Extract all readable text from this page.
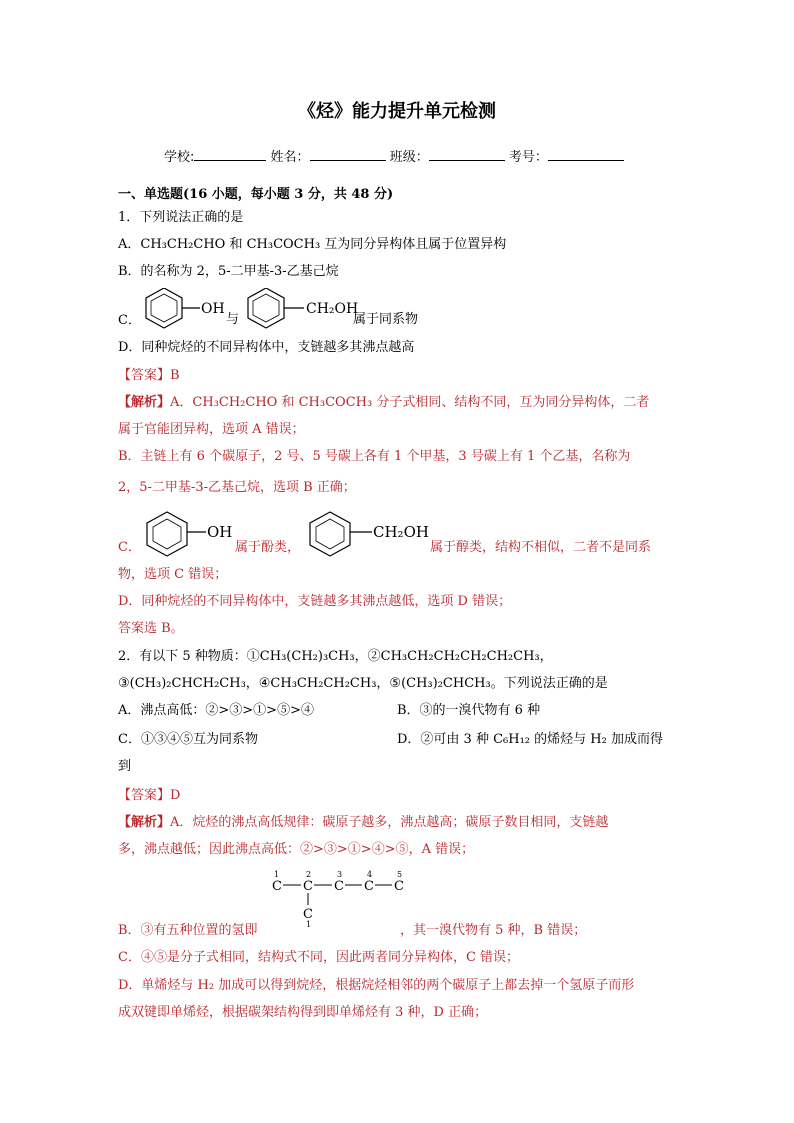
《烃》能力提升单元检测
学校:	姓名：	班级：	考号：
一、单选题(16 小题，每小题 3 分，共 48 分)
1．下列说法正确的是
A．CH₃CH₂CHO 和 CH₃COCH₃ 互为同分异构体且属于位置异构
B．的名称为 2，5-二甲基-3-乙基己烷
C．
OH
与
CH₂OH
属于同系物
D．同种烷烃的不同异构体中，支链越多其沸点越高
【答案】B
【解析】A．CH₃CH₂CHO 和 CH₃COCH₃ 分子式相同、结构不同，互为同分异构体，二者
属于官能团异构，选项 A 错误；
B．主链上有 6 个碳原子，2 号、5 号碳上各有 1 个甲基，3 号碳上有 1 个乙基，名称为
2，5-二甲基-3-乙基己烷，选项 B 正确；
C．
OH
属于酚类，
CH₂OH
属于醇类，结构不相似，二者不是同系
物，选项 C 错误；
D．同种烷烃的不同异构体中，支链越多其沸点越低，选项 D 错误；
答案选 B。
2．有以下 5 种物质：①CH₃(CH₂)₃CH₃，②CH₃CH₂CH₂CH₂CH₂CH₃，
③(CH₃)₂CHCH₂CH₃，④CH₃CH₂CH₂CH₃，⑤(CH₃)₂CHCH₃。下列说法正确的是
A．沸点高低：②>③>①>⑤>④	B．③的一溴代物有 6 种
C．①③④⑤互为同系物	D．②可由 3 种 C₆H₁₂ 的烯烃与 H₂ 加成而得
到
【答案】D
【解析】A．烷烃的沸点高低规律：碳原子越多，沸点越高；碳原子数目相同，支链越
多，沸点越低；因此沸点高低：②>③>①>④>⑤，A 错误；
1	2	3	4	5
C C C C C
C
1
B．③有五种位置的氢即	，其一溴代物有 5 种，B 错误；
C．④⑤是分子式相同，结构式不同，因此两者同分异构体，C 错误；
D．单烯烃与 H₂ 加成可以得到烷烃，根据烷烃相邻的两个碳原子上都去掉一个氢原子而形
成双键即单烯烃，根据碳架结构得到即单烯烃有 3 种，D 正确；
